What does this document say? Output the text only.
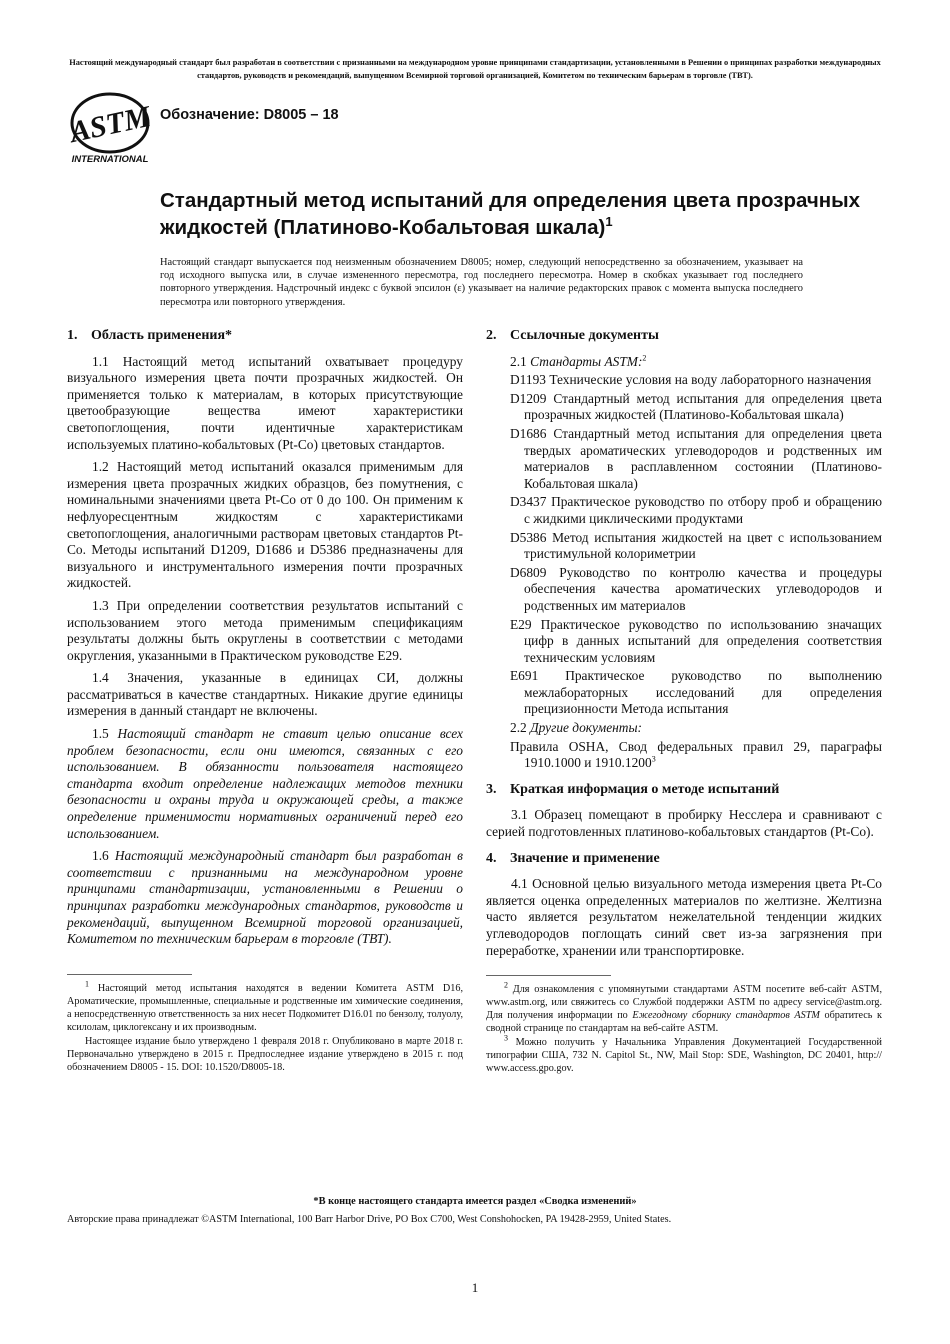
Настоящий международный стандарт был разработан в соответствии с признанными на международном уровне принципами стандартизации, установленными в Решении о принципах разработки международных стандартов, руководств и рекомендаций, выпущенном Всемирной торговой организацией, Комитетом по техническим барьерам в торговле (ТВТ).
ASTM
INTERNATIONAL
Обозначение: D8005 – 18
Стандартный метод испытаний для определения цвета прозрачных жидкостей (Платиново-Кобальтовая шкала)$^1$
Настоящий стандарт выпускается под неизменным обозначением D8005; номер, следующий непосредственно за обозначением, указывает на год исходного выпуска или, в случае измененного пересмотра, год последнего пересмотра. Номер в скобках указывает год последнего повторного утверждения. Надстрочный индекс с буквой эпсилон (ε) указывает на наличие редакторских правок с момента выпуска последнего пересмотра или повторного утверждения.
1. Область применения*

1.1 Настоящий метод испытаний охватывает процедуру визуального измерения цвета почти прозрачных жидкостей. Он применяется только к материалам, в которых присутствующие цветообразующие вещества имеют характеристики светопоглощения, почти идентичные характеристикам используемых платино-кобальтовых (Pt-Co) цветовых стандартов.

1.2 Настоящий метод испытаний оказался применимым для измерения цвета прозрачных жидких образцов, без помутнения, с номинальными значениями цвета Pt-Co от 0 до 100. Он применим к нефлуоресцентным жидкостям с характеристиками светопоглощения, аналогичными растворам цветовых стандартов Pt-Co. Методы испытаний D1209, D1686 и D5386 предназначены для визуального и инструментального измерения почти прозрачных жидкостей.

1.3 При определении соответствия результатов испытаний с использованием этого метода применимым спецификациям результаты должны быть округлены в соответствии с методами округления, указанными в Практическом руководстве E29.

1.4 Значения, указанные в единицах СИ, должны рассматриваться в качестве стандартных. Никакие другие единицы измерения в данный стандарт не включены.

1.5 Настоящий стандарт не ставит целью описание всех проблем безопасности, если они имеются, связанных с его использованием. В обязанности пользователя настоящего стандарта входит определение надлежащих методов техники безопасности и охраны труда и окружающей среды, а также определение применимости нормативных ограничений перед его использованием.

1.6 Настоящий международный стандарт был разработан в соответствии с признанными на международном уровне принципами стандартизации, установленными в Решении о принципах разработки международных стандартов, руководств и рекомендаций, выпущенном Всемирной торговой организацией, Комитетом по техническим барьерам в торговле (ТВТ).

$^1$ Настоящий метод испытания находятся в ведении Комитета ASTM D16, Ароматические, промышленные, специальные и родственные им химические соединения, а непосредственную ответственность за них несет Подкомитет D16.01 по бензолу, толуолу, ксилолам, циклогексану и их производным.

Настоящее издание было утверждено 1 февраля 2018 г. Опубликовано в марте 2018 г. Первоначально утверждено в 2015 г. Предпоследнее издание утверждено в 2015 г. под обозначением D8005 - 15. DOI: 10.1520/D8005-18.

2. Ссылочные документы
2.1 Стандарты ASTM:$^2$
D1193 Технические условия на воду лабораторного назначения
D1209 Стандартный метод испытания для определения цвета прозрачных жидкостей (Платиново-Кобальтовая шкала)
D1686 Стандартный метод испытания для определения цвета твердых ароматических углеводородов и родственных им материалов в расплавленном состоянии (Платиново-Кобальтовая шкала)
D3437 Практическое руководство по отбору проб и обращению с жидкими циклическими продуктами
D5386 Метод испытания жидкостей на цвет с использованием тристимульной колориметрии
D6809 Руководство по контролю качества и процедуры обеспечения качества ароматических углеводородов и родственных им материалов
E29 Практическое руководство по использованию значащих цифр в данных испытаний для определения соответствия техническим условиям
E691 Практическое руководство по выполнению межлабораторных исследований для определения прецизионности Метода испытания
2.2 Другие документы:
Правила OSHA, Свод федеральных правил 29, параграфы 1910.1000 и 1910.1200$^3$
3. Краткая информация о методе испытаний

3.1 Образец помещают в пробирку Несслера и сравнивают с серией подготовленных платиново-кобальтовых стандартов (Pt-Co).

4. Значение и применение

4.1 Основной целью визуального метода измерения цвета Pt-Co является оценка определенных материалов по желтизне. Желтизна часто является результатом нежелательной тенденции жидких углеводородов поглощать синий свет из-за загрязнения при переработке, хранении или транспортировке.

$^2$ Для ознакомления с упомянутыми стандартами ASTM посетите веб-сайт ASTM, www.astm.org, или свяжитесь со Службой поддержки ASTM по адресу service@astm.org. Для получения информации по Ежегодному сборнику стандартов ASTM обратитесь к сводной странице по стандартам на веб-сайте ASTM.

$^3$ Можно получить у Начальника Управления Документацией Государственной типографии США, 732 N. Capitol St., NW, Mail Stop: SDE, Washington, DC 20401, http:// www.access.gpo.gov.

*В конце настоящего стандарта имеется раздел «Сводка изменений»
Авторские права принадлежат ©ASTM International, 100 Barr Harbor Drive, PO Box C700, West Conshohocken, PA 19428-2959, United States.
1
